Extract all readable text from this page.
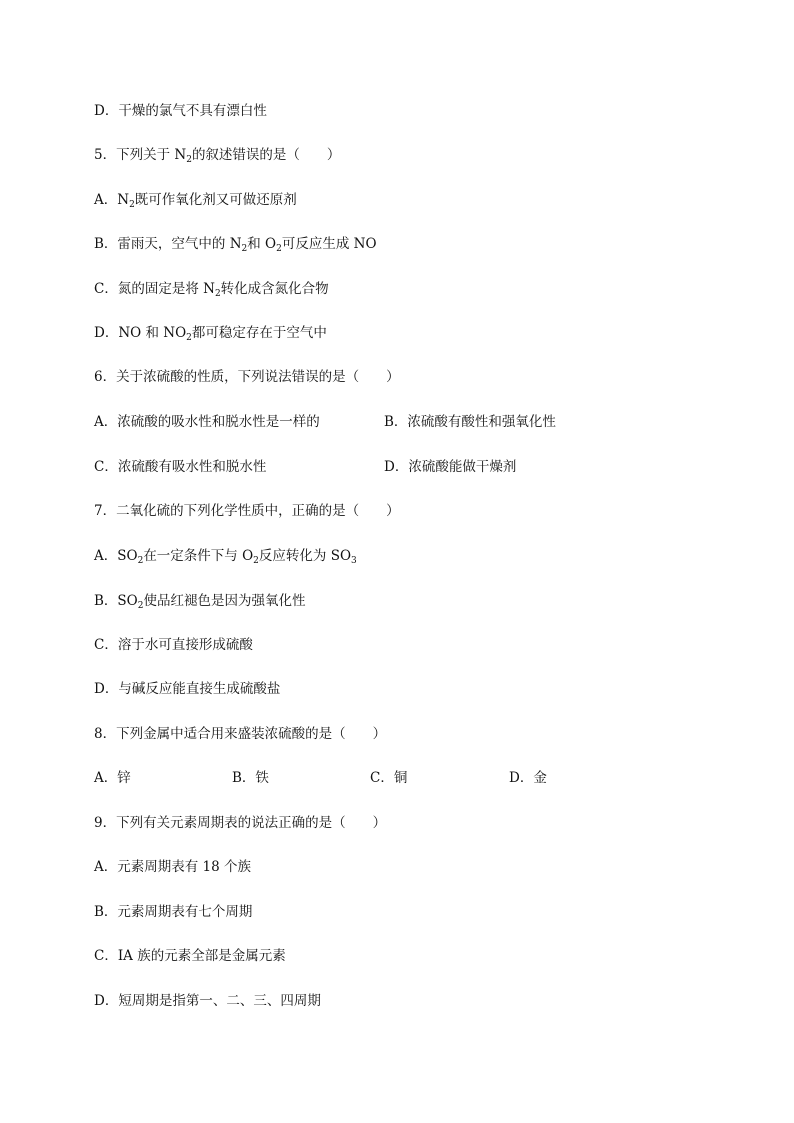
D．干燥的氯气不具有漂白性
5．下列关于 $N_2$的叙述错误的是（　　）
A．$N_2$既可作氧化剂又可做还原剂
B．雷雨天，空气中的 $N_2$和 $O_2$可反应生成 NO
C．氮的固定是将 $N_2$转化成含氮化合物
D．NO 和 $NO_2$都可稳定存在于空气中
6．关于浓硫酸的性质，下列说法错误的是（　　）
A．浓硫酸的吸水性和脱水性是一样的	B．浓硫酸有酸性和强氧化性
C．浓硫酸有吸水性和脱水性	D．浓硫酸能做干燥剂
7．二氧化硫的下列化学性质中，正确的是（　　）
A．$SO_2$在一定条件下与 $O_2$反应转化为 $SO_3$
B．$SO_2$使品红褪色是因为强氧化性
C．溶于水可直接形成硫酸
D．与碱反应能直接生成硫酸盐
8．下列金属中适合用来盛装浓硫酸的是（　　）
A．锌	B．铁	C．铜	D．金
9．下列有关元素周期表的说法正确的是（　　）
A．元素周期表有 18 个族
B．元素周期表有七个周期
C．IA 族的元素全部是金属元素
D．短周期是指第一、二、三、四周期
